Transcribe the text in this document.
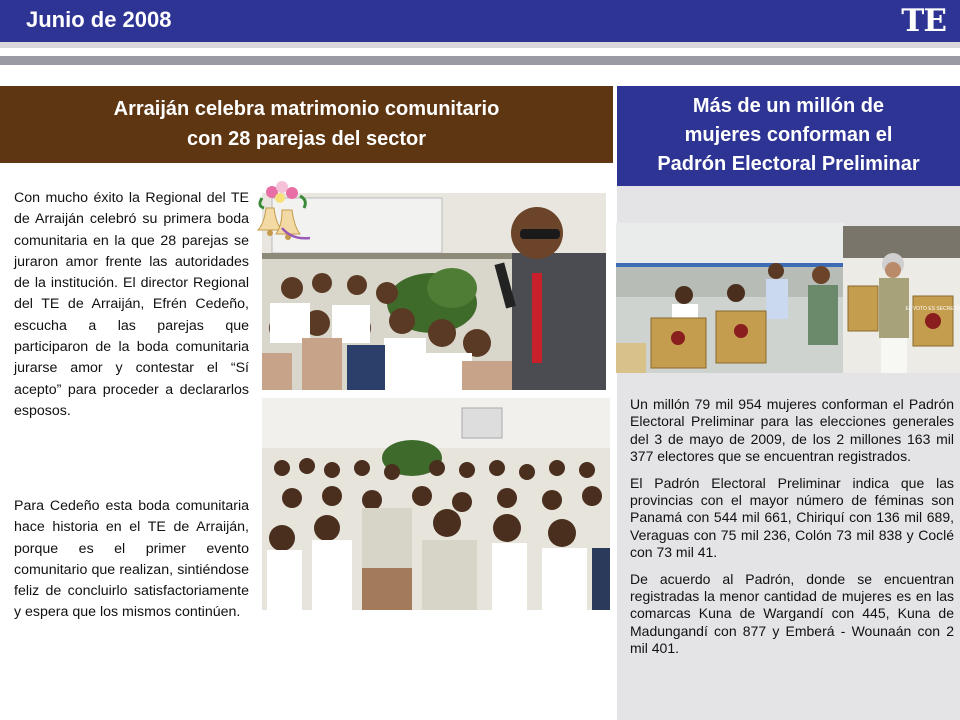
Junio de 2008	TE
Arraiján celebra matrimonio comunitario
con 28 parejas del sector
Con mucho éxito la Regional del TE de Arraiján celebró su primera boda comunitaria en la que 28 parejas se juraron amor frente las autoridades de la institución. El director Regional del TE de Arraiján, Efrén Cedeño, escucha a las parejas que participaron de la boda comunitaria jurarse amor y contestar el “Sí acepto” para proceder a declararlos esposos.
Para Cedeño esta boda comunitaria hace historia en el TE de Arraiján, porque es el primer evento comunitario que realizan, sintiéndose feliz de concluirlo satisfactoriamente y espera que los mismos continúen.
Más de un millón de
mujeres conforman el
Padrón Electoral Preliminar
EL VOTO ES SECRETO

Un millón 79 mil 954 mujeres conforman el Padrón Electoral Preliminar para las elecciones generales del 3 de mayo de 2009, de los 2 millones 163 mil 377 electores que se encuentran registrados.

El Padrón Electoral Preliminar indica que las provincias con el mayor número de féminas son Panamá con 544 mil 661, Chiriquí con 136 mil 689, Veraguas con 75 mil 236, Colón 73 mil 838 y Coclé con 73 mil 41.

De acuerdo al Padrón, donde se encuentran registradas la menor cantidad de mujeres es en las comarcas Kuna de Wargandí con 445, Kuna de Madungandí con 877 y Emberá - Wounaán con 2 mil 401.
